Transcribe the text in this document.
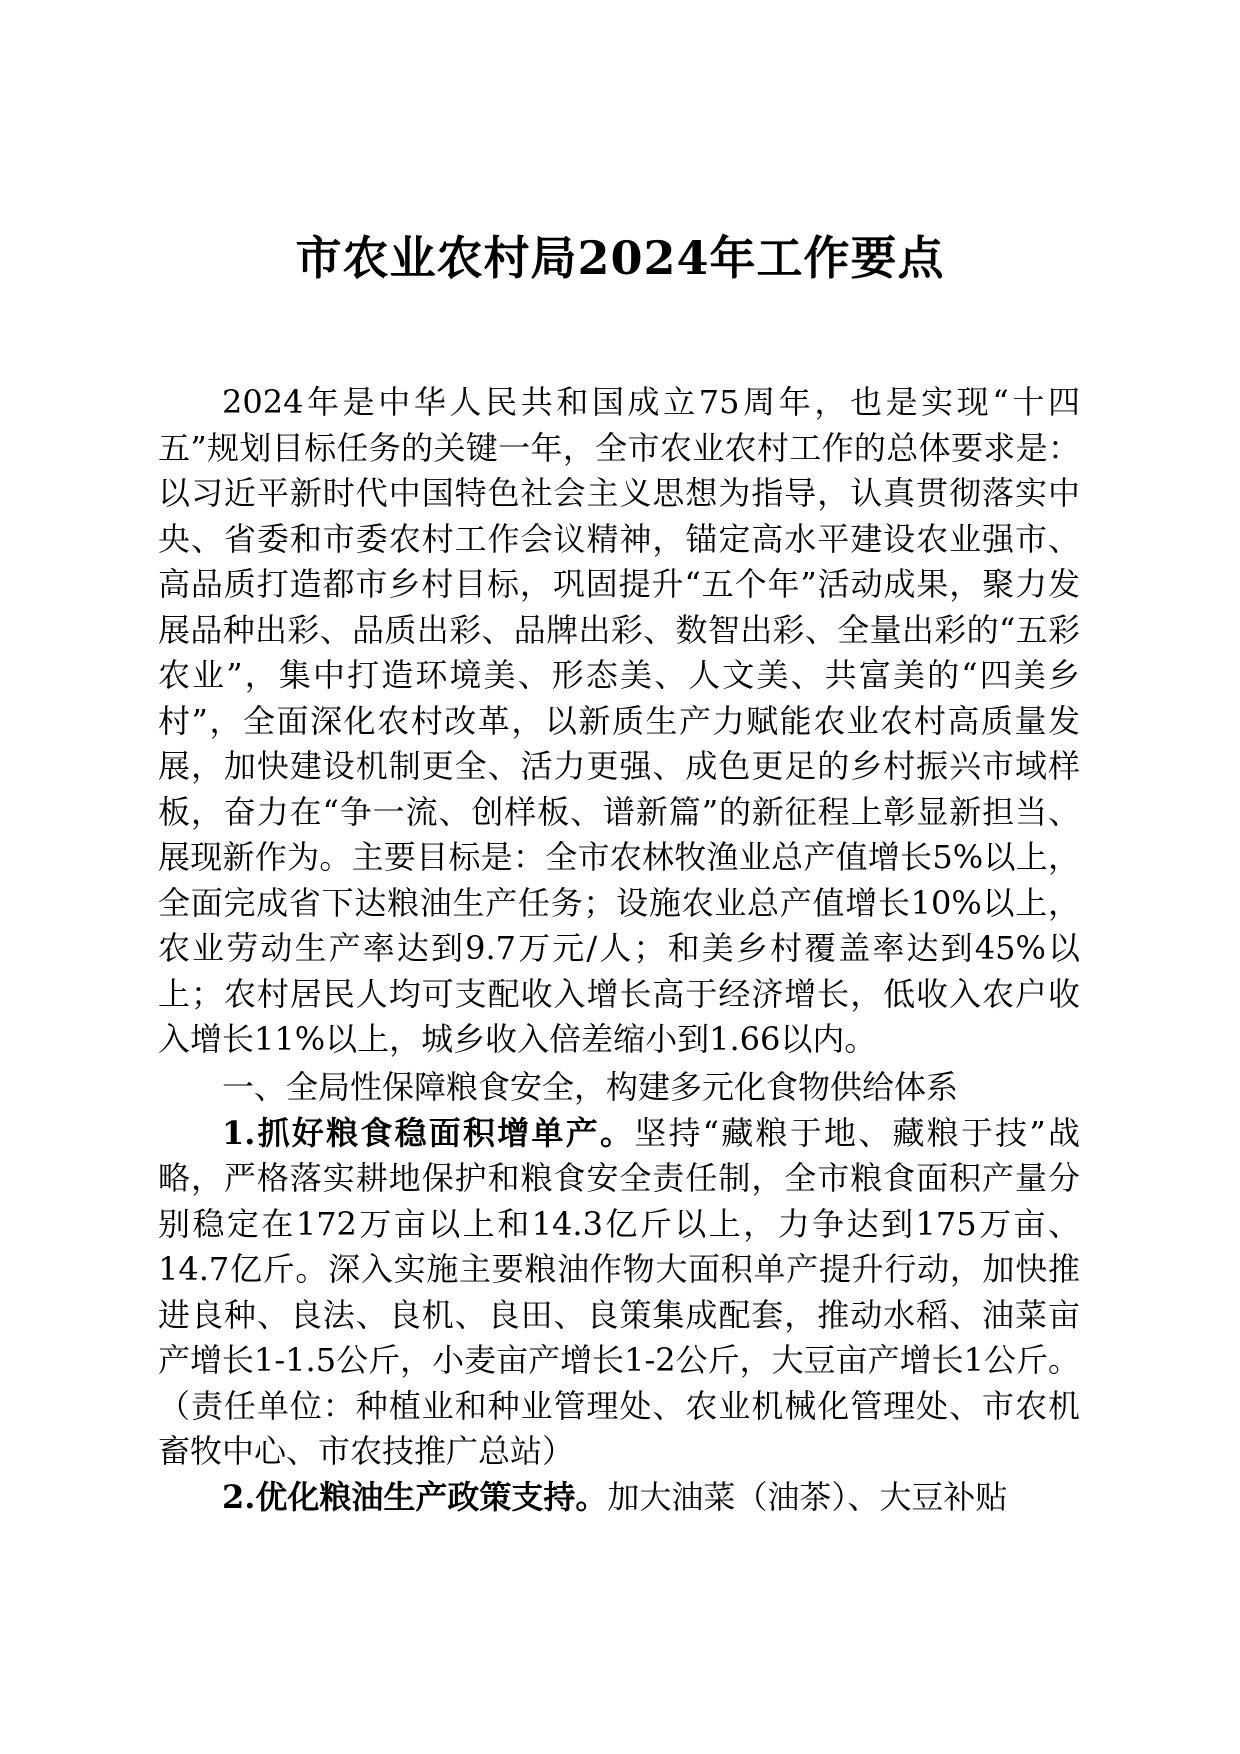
市农业农村局2024年工作要点

2024年是中华人民共和国成立75周年，也是实现“十四五”规划目标任务的关键一年，全市农业农村工作的总体要求是：以习近平新时代中国特色社会主义思想为指导，认真贯彻落实中央、省委和市委农村工作会议精神，锚定高水平建设农业强市、高品质打造都市乡村目标，巩固提升“五个年”活动成果，聚力发展品种出彩、品质出彩、品牌出彩、数智出彩、全量出彩的“五彩农业”，集中打造环境美、形态美、人文美、共富美的“四美乡村”，全面深化农村改革，以新质生产力赋能农业农村高质量发展，加快建设机制更全、活力更强、成色更足的乡村振兴市域样板，奋力在“争一流、创样板、谱新篇”的新征程上彰显新担当、展现新作为。主要目标是：全市农林牧渔业总产值增长5%以上，全面完成省下达粮油生产任务；设施农业总产值增长10%以上，农业劳动生产率达到9.7万元/人；和美乡村覆盖率达到45%以上；农村居民人均可支配收入增长高于经济增长，低收入农户收入增长11%以上，城乡收入倍差缩小到1.66以内。

一、全局性保障粮食安全，构建多元化食物供给体系

1.抓好粮食稳面积增单产。坚持“藏粮于地、藏粮于技”战略，严格落实耕地保护和粮食安全责任制，全市粮食面积产量分别稳定在172万亩以上和14.3亿斤以上，力争达到175万亩、14.7亿斤。深入实施主要粮油作物大面积单产提升行动，加快推进良种、良法、良机、良田、良策集成配套，推动水稻、油菜亩产增长1-1.5公斤，小麦亩产增长1-2公斤，大豆亩产增长1公斤。（责任单位：种植业和种业管理处、农业机械化管理处、市农机畜牧中心、市农技推广总站）

2.优化粮油生产政策支持。加大油菜（油茶）、大豆补贴
